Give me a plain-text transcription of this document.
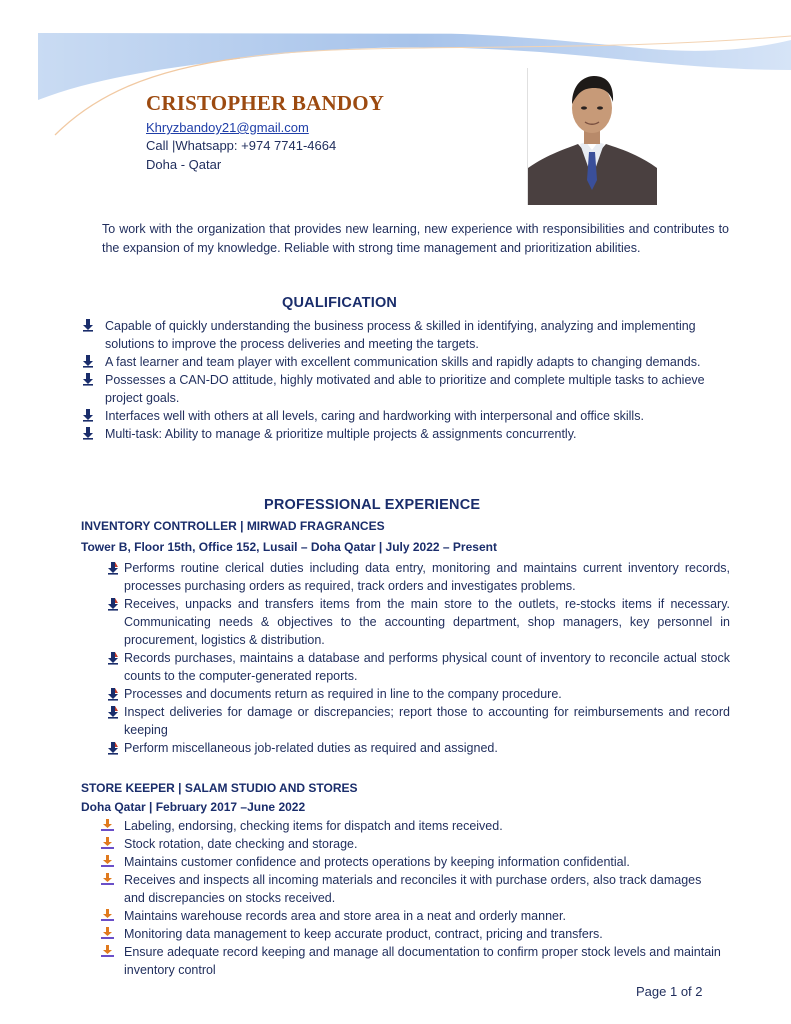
CRISTOPHER BANDOY
Khryzbandoy21@gmail.com
Call |Whatsapp: +974 7741-4664
Doha - Qatar
To work with the organization that provides new learning, new experience with responsibilities and contributes to the expansion of my knowledge. Reliable with strong time management and prioritization abilities.
QUALIFICATION
Capable of quickly understanding the business process & skilled in identifying, analyzing and implementing solutions to improve the process deliveries and meeting the targets.
A fast learner and team player with excellent communication skills and rapidly adapts to changing demands.
Possesses a CAN-DO attitude, highly motivated and able to prioritize and complete multiple tasks to achieve project goals.
Interfaces well with others at all levels, caring and hardworking with interpersonal and office skills.
Multi-task: Ability to manage & prioritize multiple projects & assignments concurrently.
PROFESSIONAL EXPERIENCE
INVENTORY CONTROLLER | MIRWAD FRAGRANCES
Tower B, Floor 15th, Office 152, Lusail – Doha Qatar | July 2022 – Present
Performs routine clerical duties including data entry, monitoring and maintains current inventory records, processes purchasing orders as required, track orders and investigates problems.
Receives, unpacks and transfers items from the main store to the outlets, re-stocks items if necessary. Communicating needs & objectives to the accounting department, shop managers, key personnel in procurement, logistics & distribution.
Records purchases, maintains a database and performs physical count of inventory to reconcile actual stock counts to the computer-generated reports.
Processes and documents return as required in line to the company procedure.
Inspect deliveries for damage or discrepancies; report those to accounting for reimbursements and record keeping
Perform miscellaneous job-related duties as required and assigned.
STORE KEEPER | SALAM STUDIO AND STORES
Doha Qatar | February 2017 –June 2022
Labeling, endorsing, checking items for dispatch and items received.
Stock rotation, date checking and storage.
Maintains customer confidence and protects operations by keeping information confidential.
Receives and inspects all incoming materials and reconciles it with purchase orders, also track damages and discrepancies on stocks received.
Maintains warehouse records area and store area in a neat and orderly manner.
Monitoring data management to keep accurate product, contract, pricing and transfers.
Ensure adequate record keeping and manage all documentation to confirm proper stock levels and maintain inventory control
Page 1 of 2
